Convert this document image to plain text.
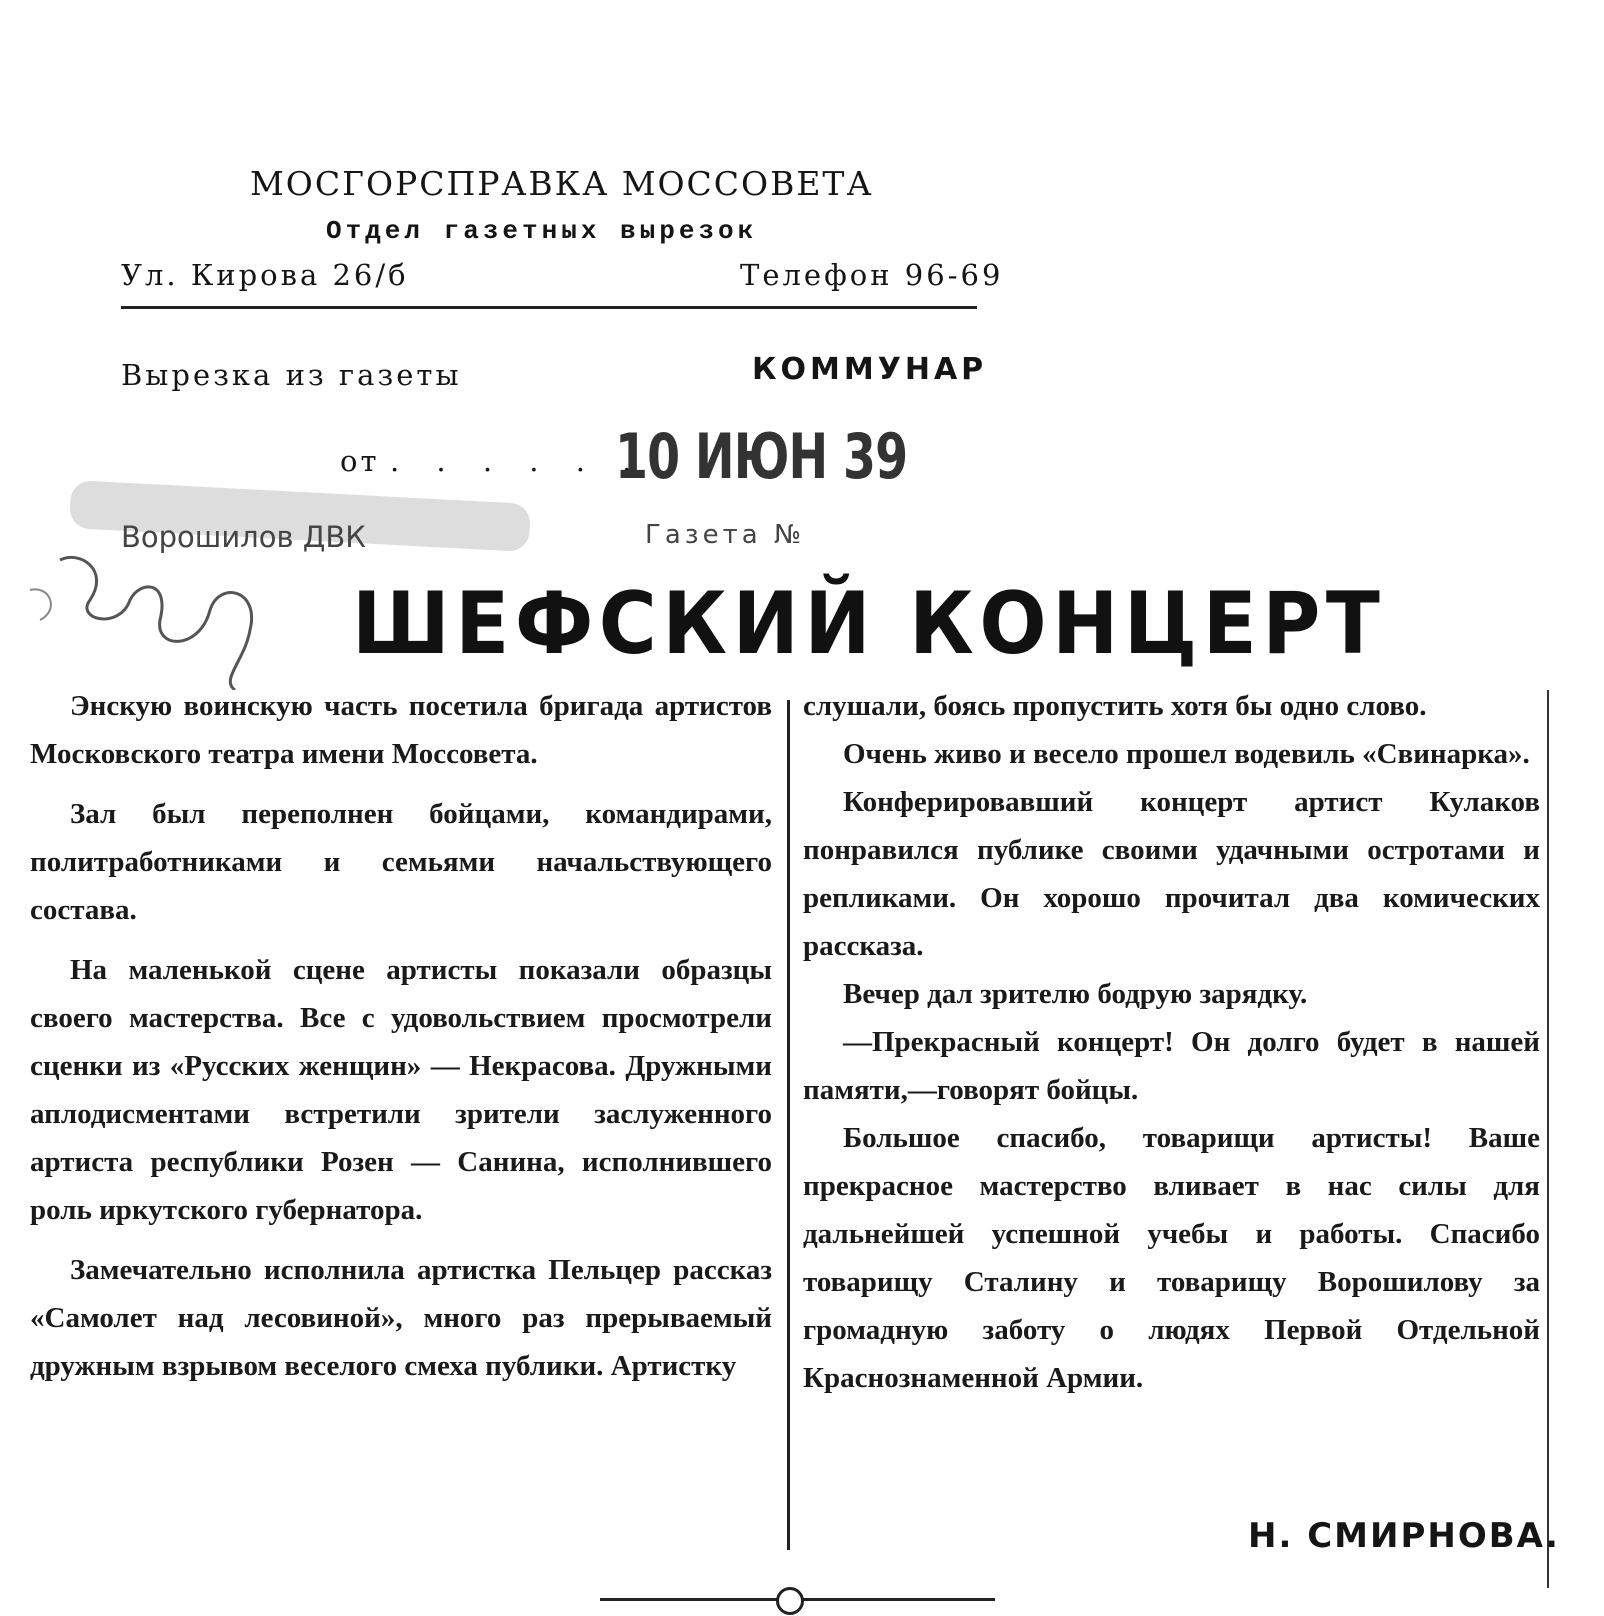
МОСГОРСПРАВКА МОССОВЕТА
Отдел газетных вырезок
Ул. Кирова 26/б	Телефон 96-69
Вырезка из газеты	КОММУНАР
от . . . . . .
10 ИЮН 39
Ворошилов ДВК	Газета №
ШЕФСКИЙ КОНЦЕРТ

Энскую воинскую часть посетила бригада артистов Московского театра имени Моссовета.

Зал был переполнен бойцами, командирами, политработниками и семьями начальствующего состава.

На маленькой сцене артисты показали образцы своего мастерства. Все с удовольствием просмотрели сценки из «Русских женщин» — Некрасова. Дружными аплодисментами встретили зрители заслуженного артиста республики Розен — Санина, исполнившего роль иркутского губернатора.

Замечательно исполнила артистка Пельцер рассказ «Самолет над лесовиной», много раз прерываемый дружным взрывом веселого смеха публики. Артистку

слушали, боясь пропустить хотя бы одно слово.

Очень живо и весело прошел водевиль «Свинарка».

Конферировавший концерт артист Кулаков понравился публике своими удачными остротами и репликами. Он хорошо прочитал два комических рассказа.

Вечер дал зрителю бодрую зарядку.

—Прекрасный концерт! Он долго будет в нашей памяти,—говорят бойцы.

Большое спасибо, товарищи артисты! Ваше прекрасное мастерство вливает в нас силы для дальнейшей успешной учебы и работы. Спасибо товарищу Сталину и товарищу Ворошилову за громадную заботу о людях Первой Отдельной Краснознаменной Армии.

Н. СМИРНОВА.
